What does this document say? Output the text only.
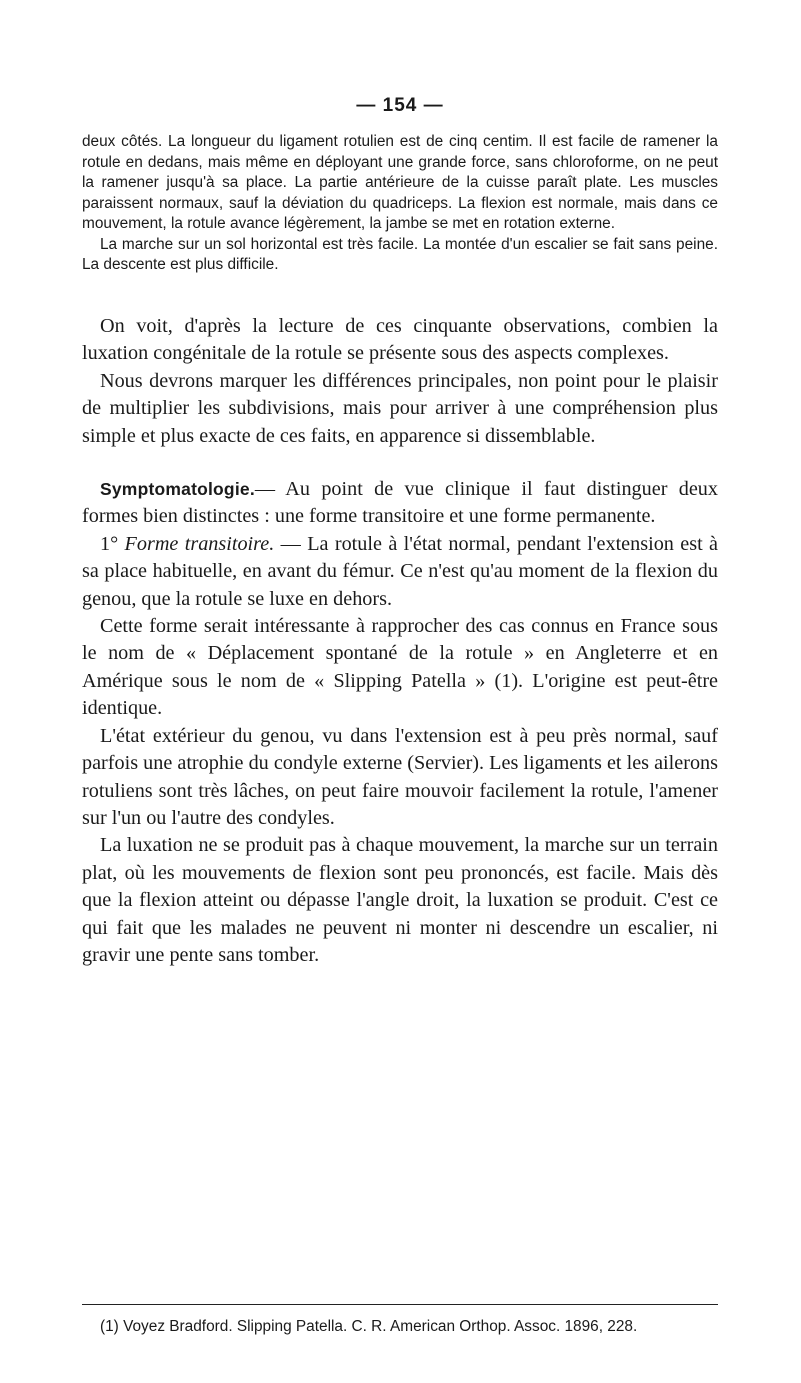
— 154 —

deux côtés. La longueur du ligament rotulien est de cinq centim. Il est facile de ramener la rotule en dedans, mais même en déployant une grande force, sans chloroforme, on ne peut la ramener jusqu'à sa place. La partie antérieure de la cuisse paraît plate. Les muscles paraissent normaux, sauf la déviation du quadriceps. La flexion est normale, mais dans ce mouvement, la rotule avance légèrement, la jambe se met en rotation externe.

La marche sur un sol horizontal est très facile. La montée d'un escalier se fait sans peine. La descente est plus difficile.

On voit, d'après la lecture de ces cinquante observations, combien la luxation congénitale de la rotule se présente sous des aspects complexes.

Nous devrons marquer les différences principales, non point pour le plaisir de multiplier les subdivisions, mais pour arriver à une compréhension plus simple et plus exacte de ces faits, en apparence si dissemblable.

Symptomatologie.— Au point de vue clinique il faut distinguer deux formes bien distinctes : une forme transitoire et une forme permanente.

1° Forme transitoire. — La rotule à l'état normal, pendant l'extension est à sa place habituelle, en avant du fémur. Ce n'est qu'au moment de la flexion du genou, que la rotule se luxe en dehors.

Cette forme serait intéressante à rapprocher des cas connus en France sous le nom de « Déplacement spontané de la rotule » en Angleterre et en Amérique sous le nom de « Slipping Patella » (1). L'origine est peut-être identique.

L'état extérieur du genou, vu dans l'extension est à peu près normal, sauf parfois une atrophie du condyle externe (Servier). Les ligaments et les ailerons rotuliens sont très lâches, on peut faire mouvoir facilement la rotule, l'amener sur l'un ou l'autre des condyles.

La luxation ne se produit pas à chaque mouvement, la marche sur un terrain plat, où les mouvements de flexion sont peu prononcés, est facile. Mais dès que la flexion atteint ou dépasse l'angle droit, la luxation se produit. C'est ce qui fait que les malades ne peuvent ni monter ni descendre un escalier, ni gravir une pente sans tomber.

(1) Voyez Bradford. Slipping Patella. C. R. American Orthop. Assoc. 1896, 228.
